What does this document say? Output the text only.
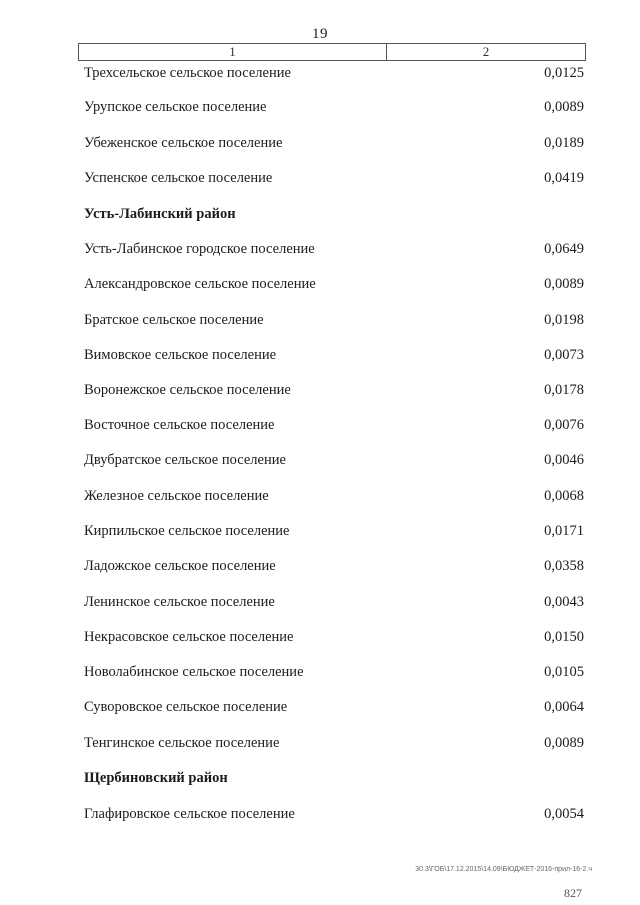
19
1	2
Трехсельское сельское поселение	0,0125
Урупское сельское поселение	0,0089
Убеженское сельское поселение	0,0189
Успенское сельское поселение	0,0419
Усть-Лабинский район
Усть-Лабинское городское поселение	0,0649
Александровское сельское поселение	0,0089
Братское сельское поселение	0,0198
Вимовское сельское поселение	0,0073
Воронежское сельское поселение	0,0178
Восточное сельское поселение	0,0076
Двубратское сельское поселение	0,0046
Железное сельское поселение	0,0068
Кирпильское сельское поселение	0,0171
Ладожское сельское поселение	0,0358
Ленинское сельское поселение	0,0043
Некрасовское сельское поселение	0,0150
Новолабинское сельское поселение	0,0105
Суворовское сельское поселение	0,0064
Тенгинское сельское поселение	0,0089
Щербиновский район
Глафировское сельское поселение	0,0054
30.3\ГОБ\17.12.2015\14.09\БЮДЖЕТ-2016-прил-16-2.ч
827
